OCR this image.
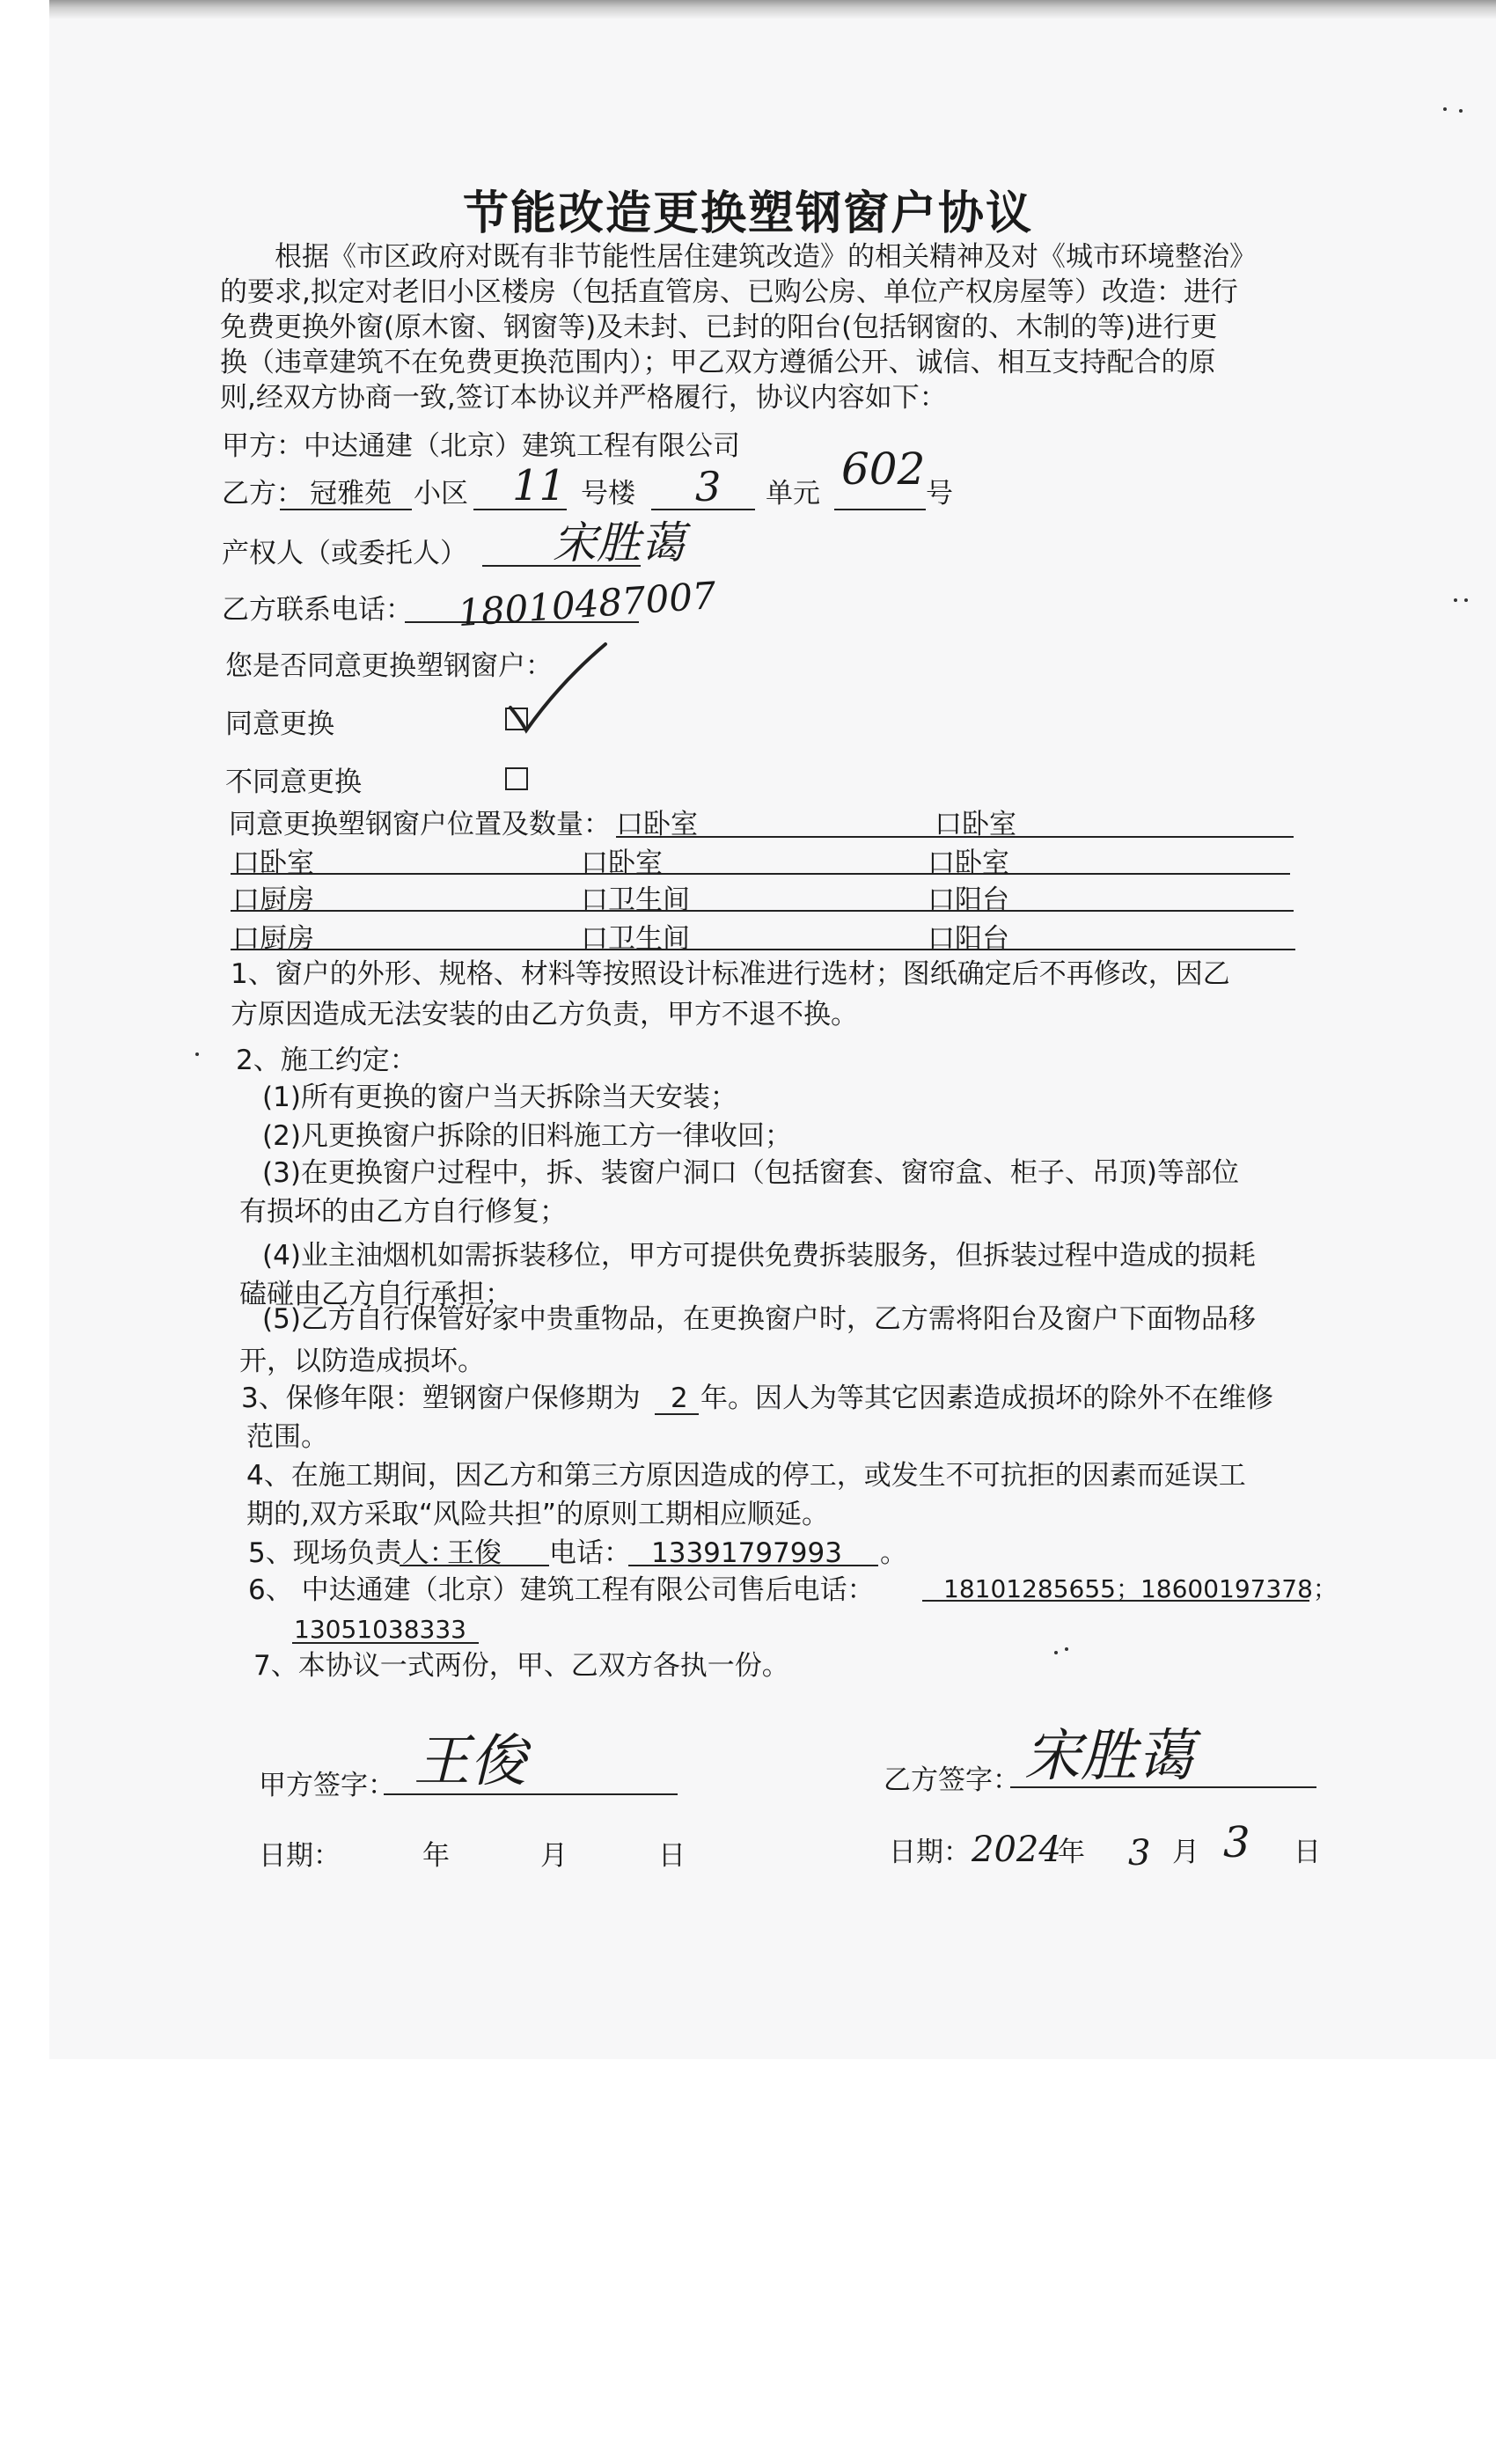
节能改造更换塑钢窗户协议

根据《市区政府对既有非节能性居住建筑改造》的相关精神及对《城市环境整治》

的要求,拟定对老旧小区楼房（包括直管房、已购公房、单位产权房屋等）改造：进行

免费更换外窗(原木窗、钢窗等)及未封、已封的阳台(包括钢窗的、木制的等)进行更

换（违章建筑不在免费更换范围内）；甲乙双方遵循公开、诚信、相互支持配合的原

则,经双方协商一致,签订本协议并严格履行，协议内容如下：

甲方：中达通建（北京）建筑工程有限公司
乙方： 冠雅苑 小区 11 号楼 3 单元 602 号
产权人（或委托人） 宋胜蔼
乙方联系电话： 18010487007
您是否同意更换塑钢窗户：
同意更换
不同意更换
同意更换塑钢窗户位置及数量： 口卧室	口卧室
口卧室	口卧室	口卧室
口厨房	口卫生间	口阳台
口厨房	口卫生间	口阳台
1、窗户的外形、规格、材料等按照设计标准进行选材；图纸确定后不再修改，因乙
方原因造成无法安装的由乙方负责，甲方不退不换。
2、施工约定：
(1)所有更换的窗户当天拆除当天安装；
(2)凡更换窗户拆除的旧料施工方一律收回；
(3)在更换窗户过程中，拆、装窗户洞口（包括窗套、窗帘盒、柜子、吊顶)等部位
有损坏的由乙方自行修复；
(4)业主油烟机如需拆装移位，甲方可提供免费拆装服务，但拆装过程中造成的损耗
磕碰由乙方自行承担；
(5)乙方自行保管好家中贵重物品，在更换窗户时，乙方需将阳台及窗户下面物品移
开，以防造成损坏。
3、保修年限：塑钢窗户保修期为 2 年。因人为等其它因素造成损坏的除外不在维修
范围。
4、在施工期间，因乙方和第三方原因造成的停工，或发生不可抗拒的因素而延误工
期的,双方采取“风险共担”的原则工期相应顺延。
5、现场负责人：
王俊 电话： 13391797993 。
6、 中达通建（北京）建筑工程有限公司售后电话：	18101285655；18600197378；
13051038333
7、本协议一式两份，甲、乙双方各执一份。
甲方签字： 王俊	乙方签字： 宋胜蔼
日期：	年	月	日	日期： 2024
年 3 月 3 日
